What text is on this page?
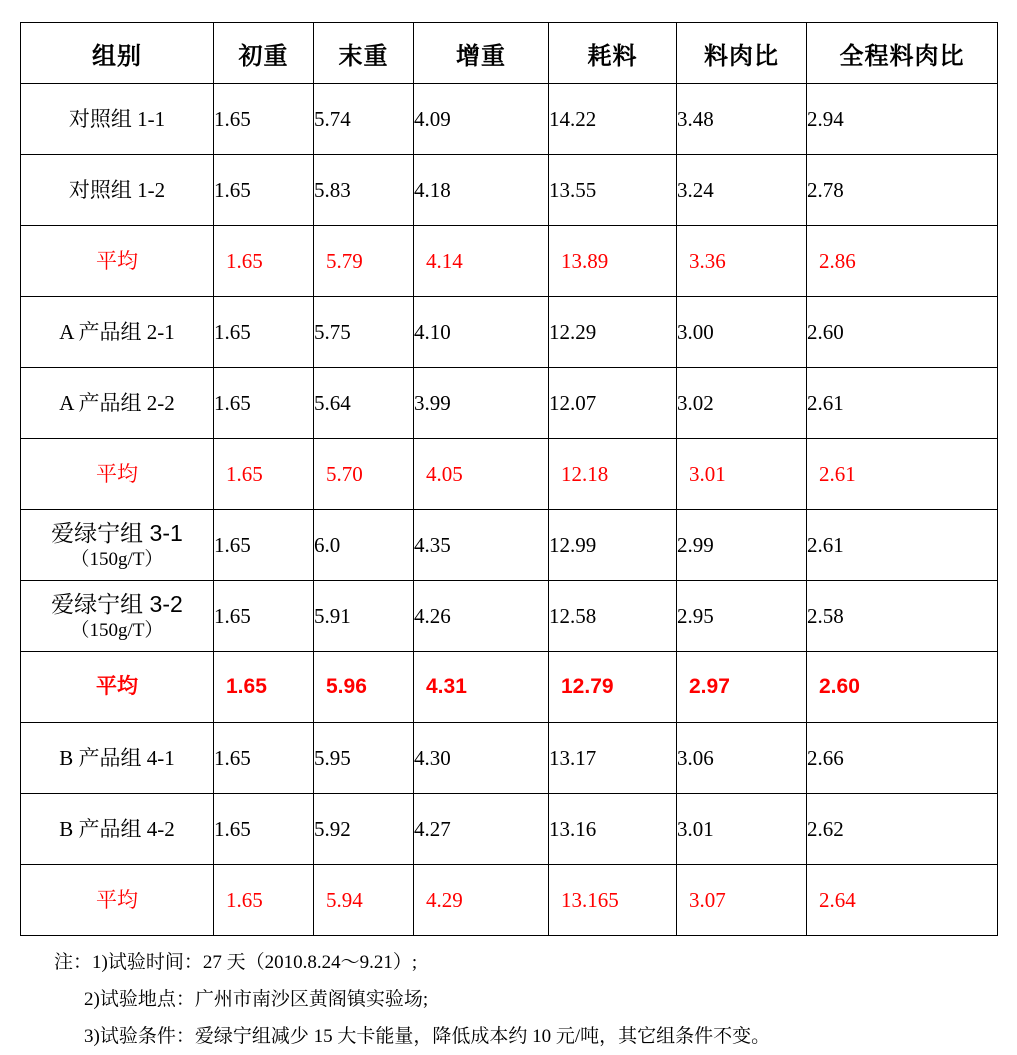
组别	初重	末重	增重	耗料	料肉比	全程料肉比
对照组 1-1	1.65	5.74	4.09	14.22	3.48	2.94
对照组 1-2	1.65	5.83	4.18	13.55	3.24	2.78
平均	1.65	5.79	4.14	13.89	3.36	2.86
A 产品组 2-1	1.65	5.75	4.10	12.29	3.00	2.60
A 产品组 2-2	1.65	5.64	3.99	12.07	3.02	2.61
平均	1.65	5.70	4.05	12.18	3.01	2.61
爱绿宁组 3-1
（150g/T）	1.65	6.0	4.35	12.99	2.99	2.61
爱绿宁组 3-2
（150g/T）	1.65	5.91	4.26	12.58	2.95	2.58
平均	1.65	5.96	4.31	12.79	2.97	2.60
B 产品组 4-1	1.65	5.95	4.30	13.17	3.06	2.66
B 产品组 4-2	1.65	5.92	4.27	13.16	3.01	2.62
平均	1.65	5.94	4.29	13.165	3.07	2.64
注：1)试验时间：27 天（2010.8.24～9.21）;
2)试验地点：广州市南沙区黄阁镇实验场;
3)试验条件：爱绿宁组减少 15 大卡能量，降低成本约 10 元/吨，其它组条件不变。
